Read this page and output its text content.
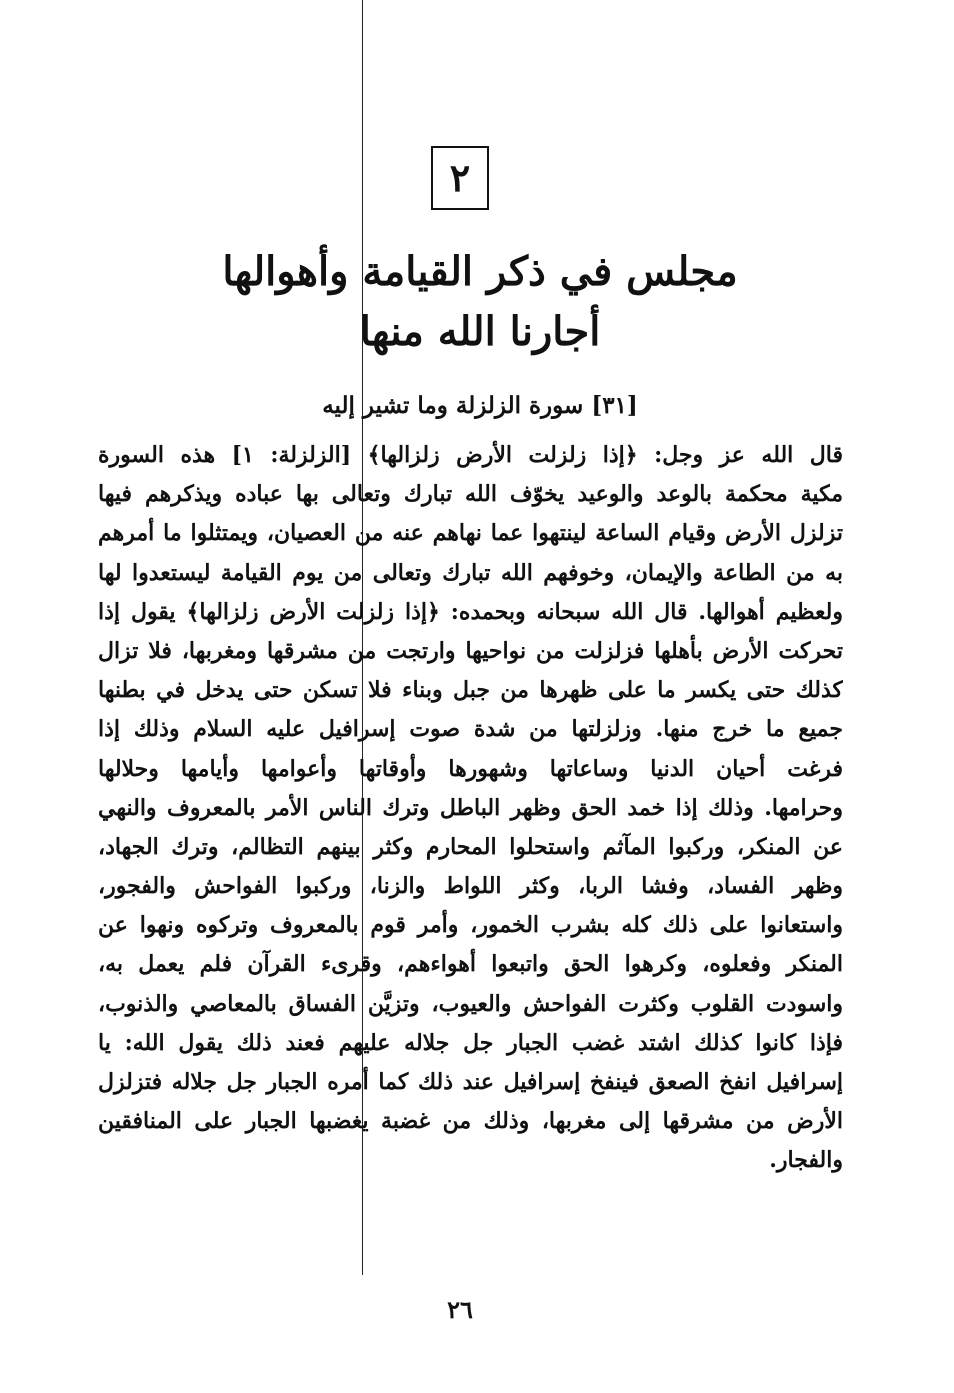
٢
مجلس في ذكر القيامة وأهوالها
أجارنا الله منها
[٣١] سورة الزلزلة وما تشير إليه
قال الله عز وجل: ﴿إذا زلزلت الأرض زلزالها﴾ [الزلزلة: ١] هذه السورة
مكية محكمة بالوعد والوعيد يخوّف الله تبارك وتعالى بها عباده ويذكرهم فيها
تزلزل الأرض وقيام الساعة لينتهوا عما نهاهم عنه من العصيان، ويمتثلوا ما أمرهم
به من الطاعة والإيمان، وخوفهم الله تبارك وتعالى من يوم القيامة ليستعدوا لها
ولعظيم أهوالها. قال الله سبحانه وبحمده: ﴿إذا زلزلت الأرض زلزالها﴾ يقول إذا
تحركت الأرض بأهلها فزلزلت من نواحيها وارتجت من مشرقها ومغربها، فلا تزال
كذلك حتى يكسر ما على ظهرها من جبل وبناء فلا تسكن حتى يدخل في بطنها
جميع ما خرج منها. وزلزلتها من شدة صوت إسرافيل عليه السلام وذلك إذا
فرغت أحيان الدنيا وساعاتها وشهورها وأوقاتها وأعوامها وأيامها وحلالها
وحرامها. وذلك إذا خمد الحق وظهر الباطل وترك الناس الأمر بالمعروف والنهي
عن المنكر، وركبوا المآثم واستحلوا المحارم وكثر بينهم التظالم، وترك الجهاد،
وظهر الفساد، وفشا الربا، وكثر اللواط والزنا، وركبوا الفواحش والفجور،
واستعانوا على ذلك كله بشرب الخمور، وأمر قوم بالمعروف وتركوه ونهوا عن
المنكر وفعلوه، وكرهوا الحق واتبعوا أهواءهم، وقرىء القرآن فلم يعمل به،
واسودت القلوب وكثرت الفواحش والعيوب، وتزيَّن الفساق بالمعاصي والذنوب،
فإذا كانوا كذلك اشتد غضب الجبار جل جلاله عليهم فعند ذلك يقول الله: يا
إسرافيل انفخ الصعق فينفخ إسرافيل عند ذلك كما أمره الجبار جل جلاله فتزلزل
الأرض من مشرقها إلى مغربها، وذلك من غضبة يغضبها الجبار على المنافقين
والفجار.
٢٦
